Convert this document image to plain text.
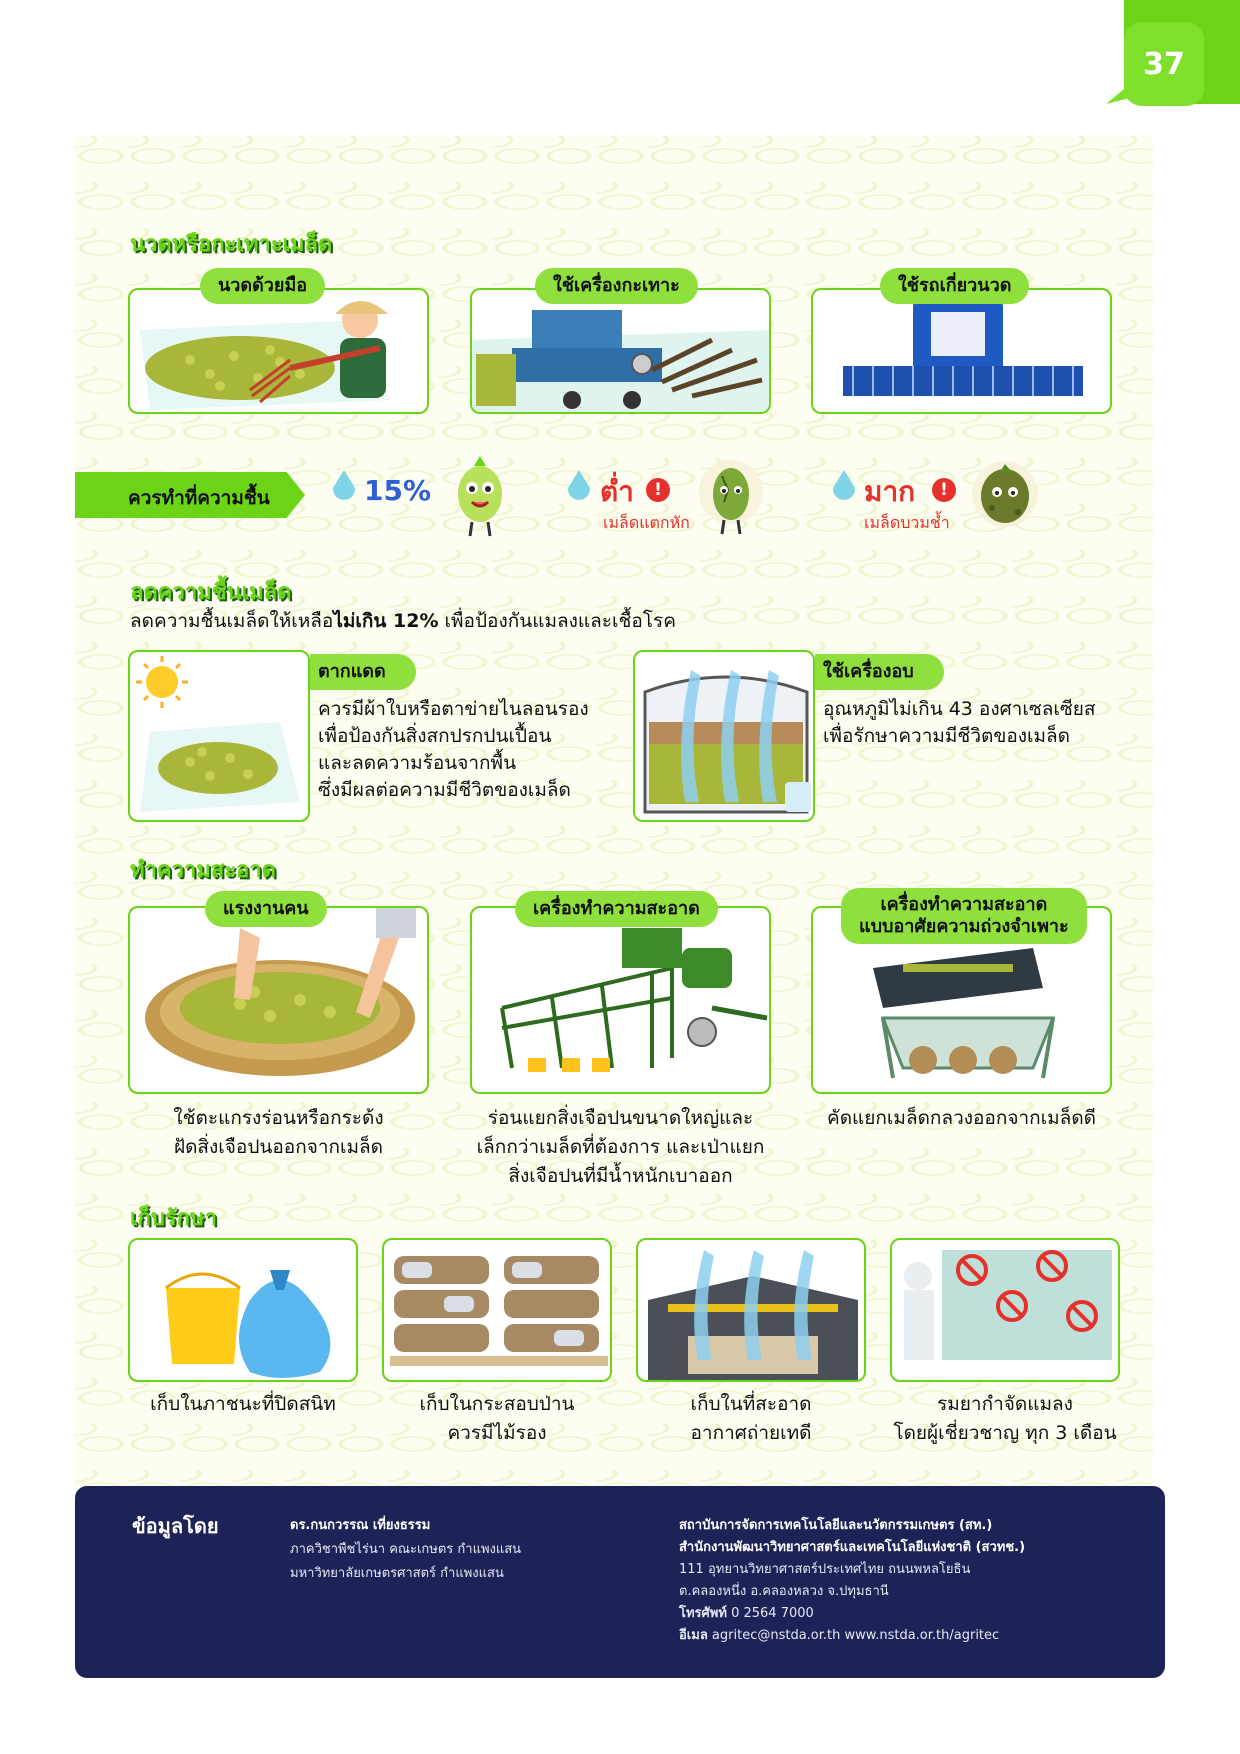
37
นวดหรือกะเทาะเมล็ด
นวดด้วยมือ	ใช้เครื่องกะเทาะ	ใช้รถเกี่ยวนวด
ควรทำที่ความชื้น	15%	ต่ำ	!
เมล็ดแตกหัก
มาก	!
เมล็ดบวมช้ำ
ลดความชื้นเมล็ด
ลดความชื้นเมล็ดให้เหลือไม่เกิน 12% เพื่อป้องกันแมลงและเชื้อโรค
ตากแดด
ควรมีผ้าใบหรือตาข่ายไนลอนรอง
เพื่อป้องกันสิ่งสกปรกปนเปื้อน
และลดความร้อนจากพื้น
ซึ่งมีผลต่อความมีชีวิตของเมล็ด
ใช้เครื่องอบ
อุณหภูมิไม่เกิน 43 องศาเซลเซียส
เพื่อรักษาความมีชีวิตของเมล็ด
ทำความสะอาด
แรงงานคน
ใช้ตะแกรงร่อนหรือกระด้ง
ฝัดสิ่งเจือปนออกจากเมล็ด
เครื่องทำความสะอาด
ร่อนแยกสิ่งเจือปนขนาดใหญ่และ
เล็กกว่าเมล็ดที่ต้องการ และเป่าแยก
สิ่งเจือปนที่มีน้ำหนักเบาออก
เครื่องทำความสะอาด
แบบอาศัยความถ่วงจำเพาะ
คัดแยกเมล็ดกลวงออกจากเมล็ดดี
เก็บรักษา
เก็บในภาชนะที่ปิดสนิท	เก็บในกระสอบป่าน
ควรมีไม้รอง
เก็บในที่สะอาด
อากาศถ่ายเทดี
รมยากำจัดแมลง
โดยผู้เชี่ยวชาญ ทุก 3 เดือน
ข้อมูลโดย	ดร.กนกวรรณ เที่ยงธรรม
ภาควิชาพืชไร่นา คณะเกษตร กำแพงแสน
มหาวิทยาลัยเกษตรศาสตร์ กำแพงแสน
สถาบันการจัดการเทคโนโลยีและนวัตกรรมเกษตร (สท.)
สำนักงานพัฒนาวิทยาศาสตร์และเทคโนโลยีแห่งชาติ (สวทช.)
111 อุทยานวิทยาศาสตร์ประเทศไทย ถนนพหลโยธิน
ต.คลองหนึ่ง อ.คลองหลวง จ.ปทุมธานี
โทรศัพท์ 0 2564 7000
อีเมล agritec@nstda.or.th www.nstda.or.th/agritec
